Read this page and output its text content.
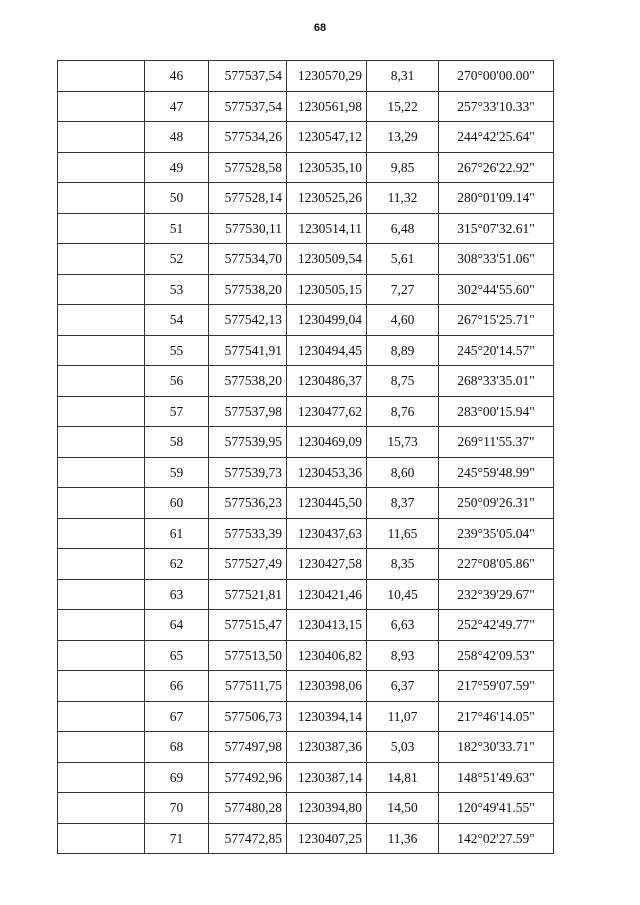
68
	46	577537,54	1230570,29	8,31	270°00'00.00"
	47	577537,54	1230561,98	15,22	257°33'10.33"
	48	577534,26	1230547,12	13,29	244°42'25.64"
	49	577528,58	1230535,10	9,85	267°26'22.92"
	50	577528,14	1230525,26	11,32	280°01'09.14"
	51	577530,11	1230514,11	6,48	315°07'32.61"
	52	577534,70	1230509,54	5,61	308°33'51.06"
	53	577538,20	1230505,15	7,27	302°44'55.60"
	54	577542,13	1230499,04	4,60	267°15'25.71"
	55	577541,91	1230494,45	8,89	245°20'14.57"
	56	577538,20	1230486,37	8,75	268°33'35.01"
	57	577537,98	1230477,62	8,76	283°00'15.94"
	58	577539,95	1230469,09	15,73	269°11'55.37"
	59	577539,73	1230453,36	8,60	245°59'48.99"
	60	577536,23	1230445,50	8,37	250°09'26.31"
	61	577533,39	1230437,63	11,65	239°35'05.04"
	62	577527,49	1230427,58	8,35	227°08'05.86"
	63	577521,81	1230421,46	10,45	232°39'29.67"
	64	577515,47	1230413,15	6,63	252°42'49.77"
	65	577513,50	1230406,82	8,93	258°42'09.53"
	66	577511,75	1230398,06	6,37	217°59'07.59"
	67	577506,73	1230394,14	11,07	217°46'14.05"
	68	577497,98	1230387,36	5,03	182°30'33.71"
	69	577492,96	1230387,14	14,81	148°51'49.63"
	70	577480,28	1230394,80	14,50	120°49'41.55"
	71	577472,85	1230407,25	11,36	142°02'27.59"
